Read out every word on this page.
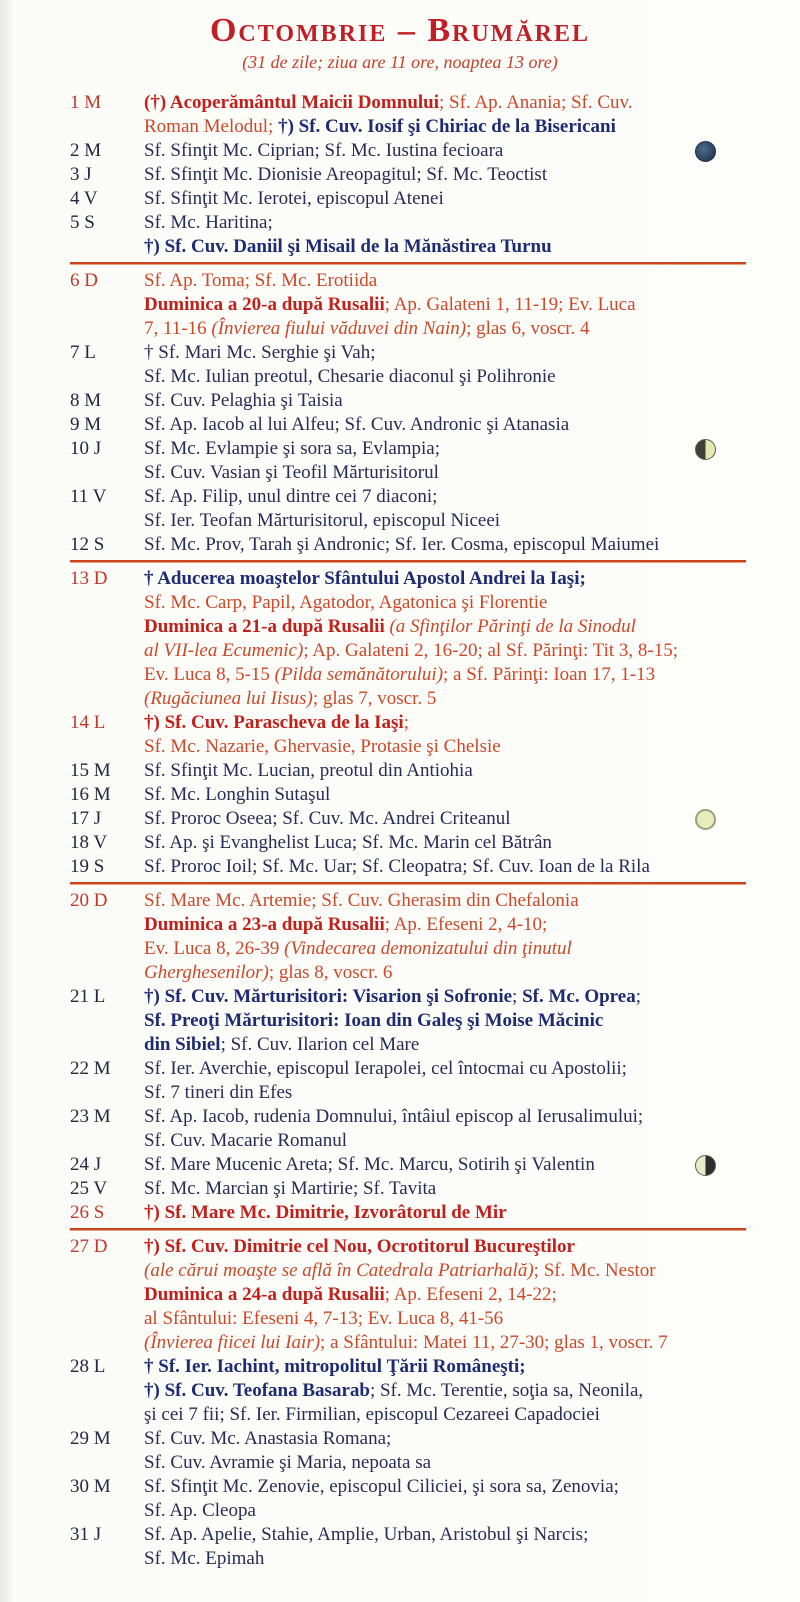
Octombrie – Brumărel
(31 de zile; ziua are 11 ore, noaptea 13 ore)
1 M	(†) Acoperământul Maicii Domnului; Sf. Ap. Anania; Sf. Cuv.
Roman Melodul; †) Sf. Cuv. Iosif şi Chiriac de la Bisericani
2 M	Sf. Sfinţit Mc. Ciprian; Sf. Mc. Iustina fecioara
3 J	Sf. Sfinţit Mc. Dionisie Areopagitul; Sf. Mc. Teoctist
4 V	Sf. Sfinţit Mc. Ierotei, episcopul Atenei
5 S	Sf. Mc. Haritina;
†) Sf. Cuv. Daniil şi Misail de la Mănăstirea Turnu
6 D	Sf. Ap. Toma; Sf. Mc. Erotiida
Duminica a 20-a după Rusalii; Ap. Galateni 1, 11-19; Ev. Luca
7, 11-16 (Învierea fiului văduvei din Nain); glas 6, voscr. 4
7 L	† Sf. Mari Mc. Serghie şi Vah;
Sf. Mc. Iulian preotul, Chesarie diaconul şi Polihronie
8 M	Sf. Cuv. Pelaghia şi Taisia
9 M	Sf. Ap. Iacob al lui Alfeu; Sf. Cuv. Andronic şi Atanasia
10 J	Sf. Mc. Evlampie şi sora sa, Evlampia;
Sf. Cuv. Vasian şi Teofil Mărturisitorul
11 V	Sf. Ap. Filip, unul dintre cei 7 diaconi;
Sf. Ier. Teofan Mărturisitorul, episcopul Niceei
12 S	Sf. Mc. Prov, Tarah şi Andronic; Sf. Ier. Cosma, episcopul Maiumei
13 D	† Aducerea moaştelor Sfântului Apostol Andrei la Iaşi;
Sf. Mc. Carp, Papil, Agatodor, Agatonica şi Florentie
Duminica a 21-a după Rusalii (a Sfinţilor Părinţi de la Sinodul
al VII-lea Ecumenic); Ap. Galateni 2, 16-20; al Sf. Părinţi: Tit 3, 8-15;
Ev. Luca 8, 5-15 (Pilda semănătorului); a Sf. Părinţi: Ioan 17, 1-13
(Rugăciunea lui Iisus); glas 7, voscr. 5
14 L	†) Sf. Cuv. Parascheva de la Iaşi;
Sf. Mc. Nazarie, Ghervasie, Protasie şi Chelsie
15 M	Sf. Sfinţit Mc. Lucian, preotul din Antiohia
16 M	Sf. Mc. Longhin Sutaşul
17 J	Sf. Proroc Oseea; Sf. Cuv. Mc. Andrei Criteanul
18 V	Sf. Ap. şi Evanghelist Luca; Sf. Mc. Marin cel Bătrân
19 S	Sf. Proroc Ioil; Sf. Mc. Uar; Sf. Cleopatra; Sf. Cuv. Ioan de la Rila
20 D	Sf. Mare Mc. Artemie; Sf. Cuv. Gherasim din Chefalonia
Duminica a 23-a după Rusalii; Ap. Efeseni 2, 4-10;
Ev. Luca 8, 26-39 (Vindecarea demonizatului din ţinutul
Gherghesenilor); glas 8, voscr. 6
21 L	†) Sf. Cuv. Mărturisitori: Visarion şi Sofronie; Sf. Mc. Oprea;
Sf. Preoţi Mărturisitori: Ioan din Galeş şi Moise Măcinic
din Sibiel; Sf. Cuv. Ilarion cel Mare
22 M	Sf. Ier. Averchie, episcopul Ierapolei, cel întocmai cu Apostolii;
Sf. 7 tineri din Efes
23 M	Sf. Ap. Iacob, rudenia Domnului, întâiul episcop al Ierusalimului;
Sf. Cuv. Macarie Romanul
24 J	Sf. Mare Mucenic Areta; Sf. Mc. Marcu, Sotirih şi Valentin
25 V	Sf. Mc. Marcian şi Martirie; Sf. Tavita
26 S	†) Sf. Mare Mc. Dimitrie, Izvorâtorul de Mir
27 D	†) Sf. Cuv. Dimitrie cel Nou, Ocrotitorul Bucureştilor
(ale cărui moaşte se află în Catedrala Patriarhală); Sf. Mc. Nestor
Duminica a 24-a după Rusalii; Ap. Efeseni 2, 14-22;
al Sfântului: Efeseni 4, 7-13; Ev. Luca 8, 41-56
(Învierea fiicei lui Iair); a Sfântului: Matei 11, 27-30; glas 1, voscr. 7
28 L	† Sf. Ier. Iachint, mitropolitul Ţării Româneşti;
†) Sf. Cuv. Teofana Basarab; Sf. Mc. Terentie, soţia sa, Neonila,
şi cei 7 fii; Sf. Ier. Firmilian, episcopul Cezareei Capadociei
29 M	Sf. Cuv. Mc. Anastasia Romana;
Sf. Cuv. Avramie şi Maria, nepoata sa
30 M	Sf. Sfinţit Mc. Zenovie, episcopul Ciliciei, şi sora sa, Zenovia;
Sf. Ap. Cleopa
31 J	Sf. Ap. Apelie, Stahie, Amplie, Urban, Aristobul şi Narcis;
Sf. Mc. Epimah
